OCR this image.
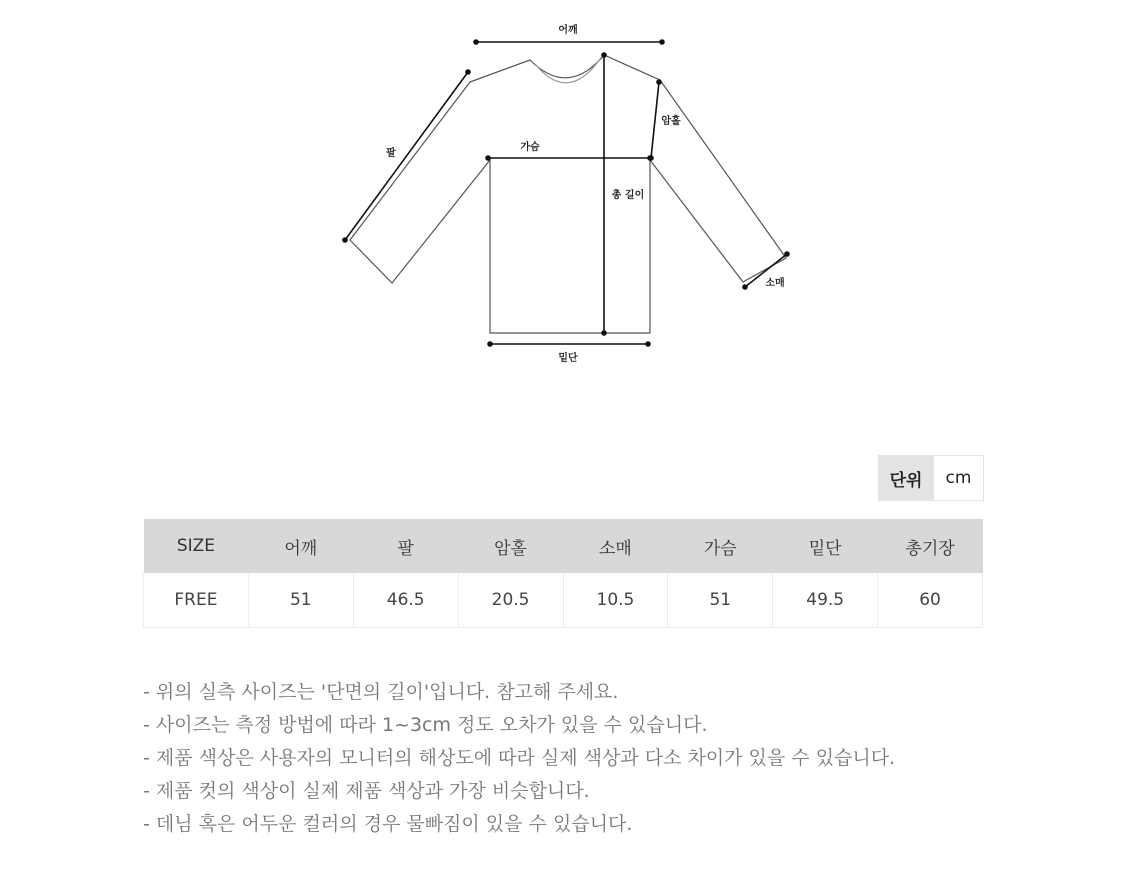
어깨
팔
암홀
가슴
총 길이
소매
밑단
단위	cm
SIZE	어깨	팔	암홀	소매	가슴	밑단	총기장
FREE	51	46.5	20.5	10.5	51	49.5	60
- 위의 실측 사이즈는 '단면의 길이'입니다. 참고해 주세요.
- 사이즈는 측정 방법에 따라 1~3cm 정도 오차가 있을 수 있습니다.
- 제품 색상은 사용자의 모니터의 해상도에 따라 실제 색상과 다소 차이가 있을 수 있습니다.
- 제품 컷의 색상이 실제 제품 색상과 가장 비슷합니다.
- 데님 혹은 어두운 컬러의 경우 물빠짐이 있을 수 있습니다.
